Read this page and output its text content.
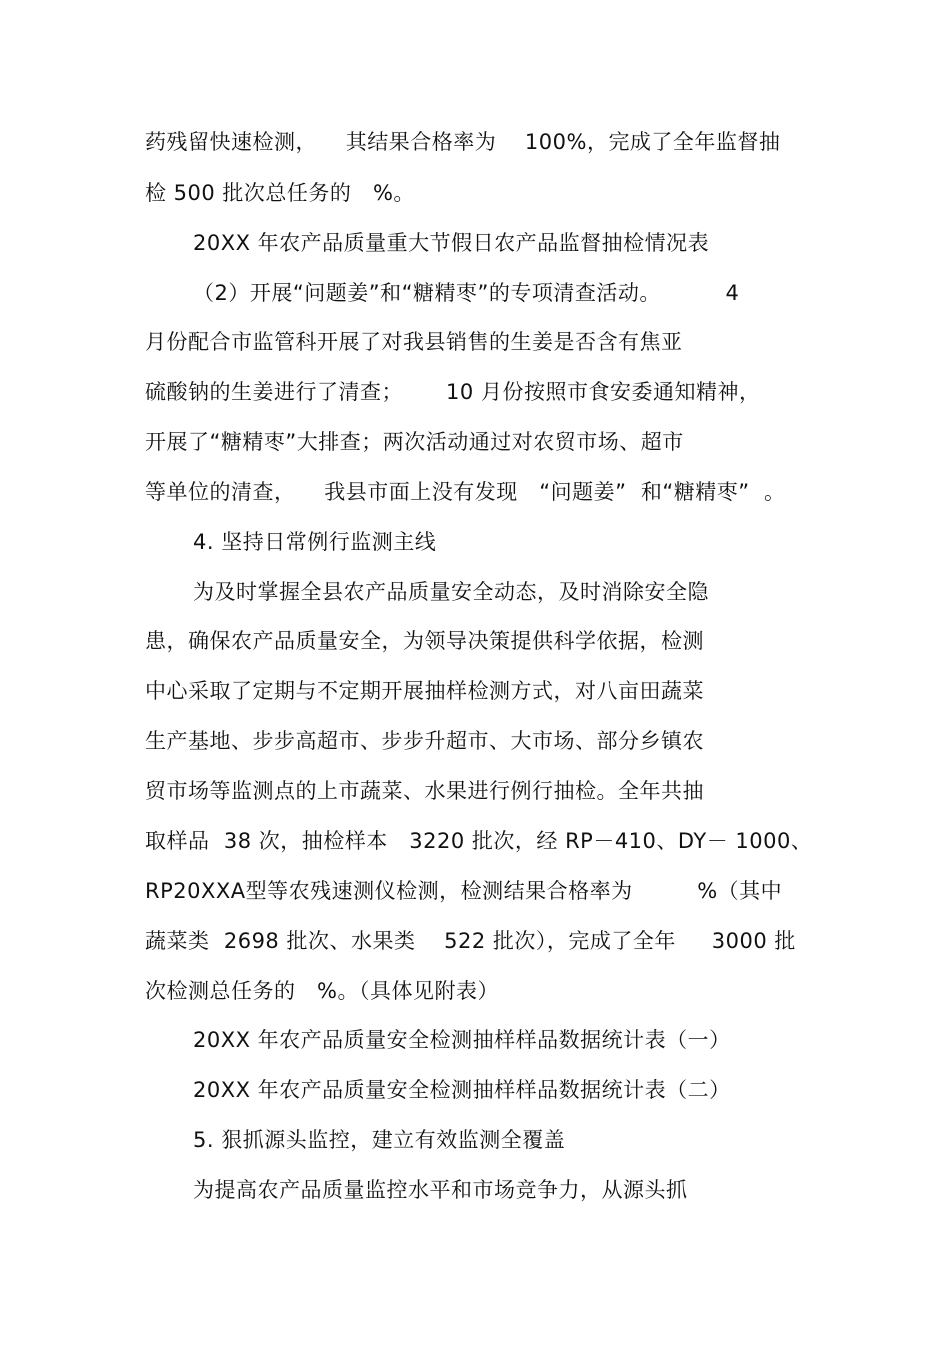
药残留快速检测，    其结果合格率为    100%，完成了全年监督抽
检 500 批次总任务的   %。
20XX 年农产品质量重大节假日农产品监督抽检情况表
（2）开展“问题姜”和“糖精枣”的专项清查活动。         4
月份配合市监管科开展了对我县销售的生姜是否含有焦亚
硫酸钠的生姜进行了清查；      10 月份按照市食安委通知精神，
开展了“糖精枣”大排查；两次活动通过对农贸市场、超市
等单位的清查，    我县市面上没有发现   “问题姜”  和“糖精枣”  。
4. 坚持日常例行监测主线
为及时掌握全县农产品质量安全动态，及时消除安全隐
患，确保农产品质量安全，为领导决策提供科学依据，检测
中心采取了定期与不定期开展抽样检测方式，对八亩田蔬菜
生产基地、步步高超市、步步升超市、大市场、部分乡镇农
贸市场等监测点的上市蔬菜、水果进行例行抽检。全年共抽
取样品  38 次，抽检样本   3220 批次，经 RP－410、DY－ 1000、
RP20XXA型等农残速测仪检测，检测结果合格率为         %（其中
蔬菜类  2698 批次、水果类    522 批次），完成了全年     3000 批
次检测总任务的   %。（具体见附表）
20XX 年农产品质量安全检测抽样样品数据统计表（一）
20XX 年农产品质量安全检测抽样样品数据统计表（二）
5. 狠抓源头监控，建立有效监测全覆盖
为提高农产品质量监控水平和市场竞争力，从源头抓
